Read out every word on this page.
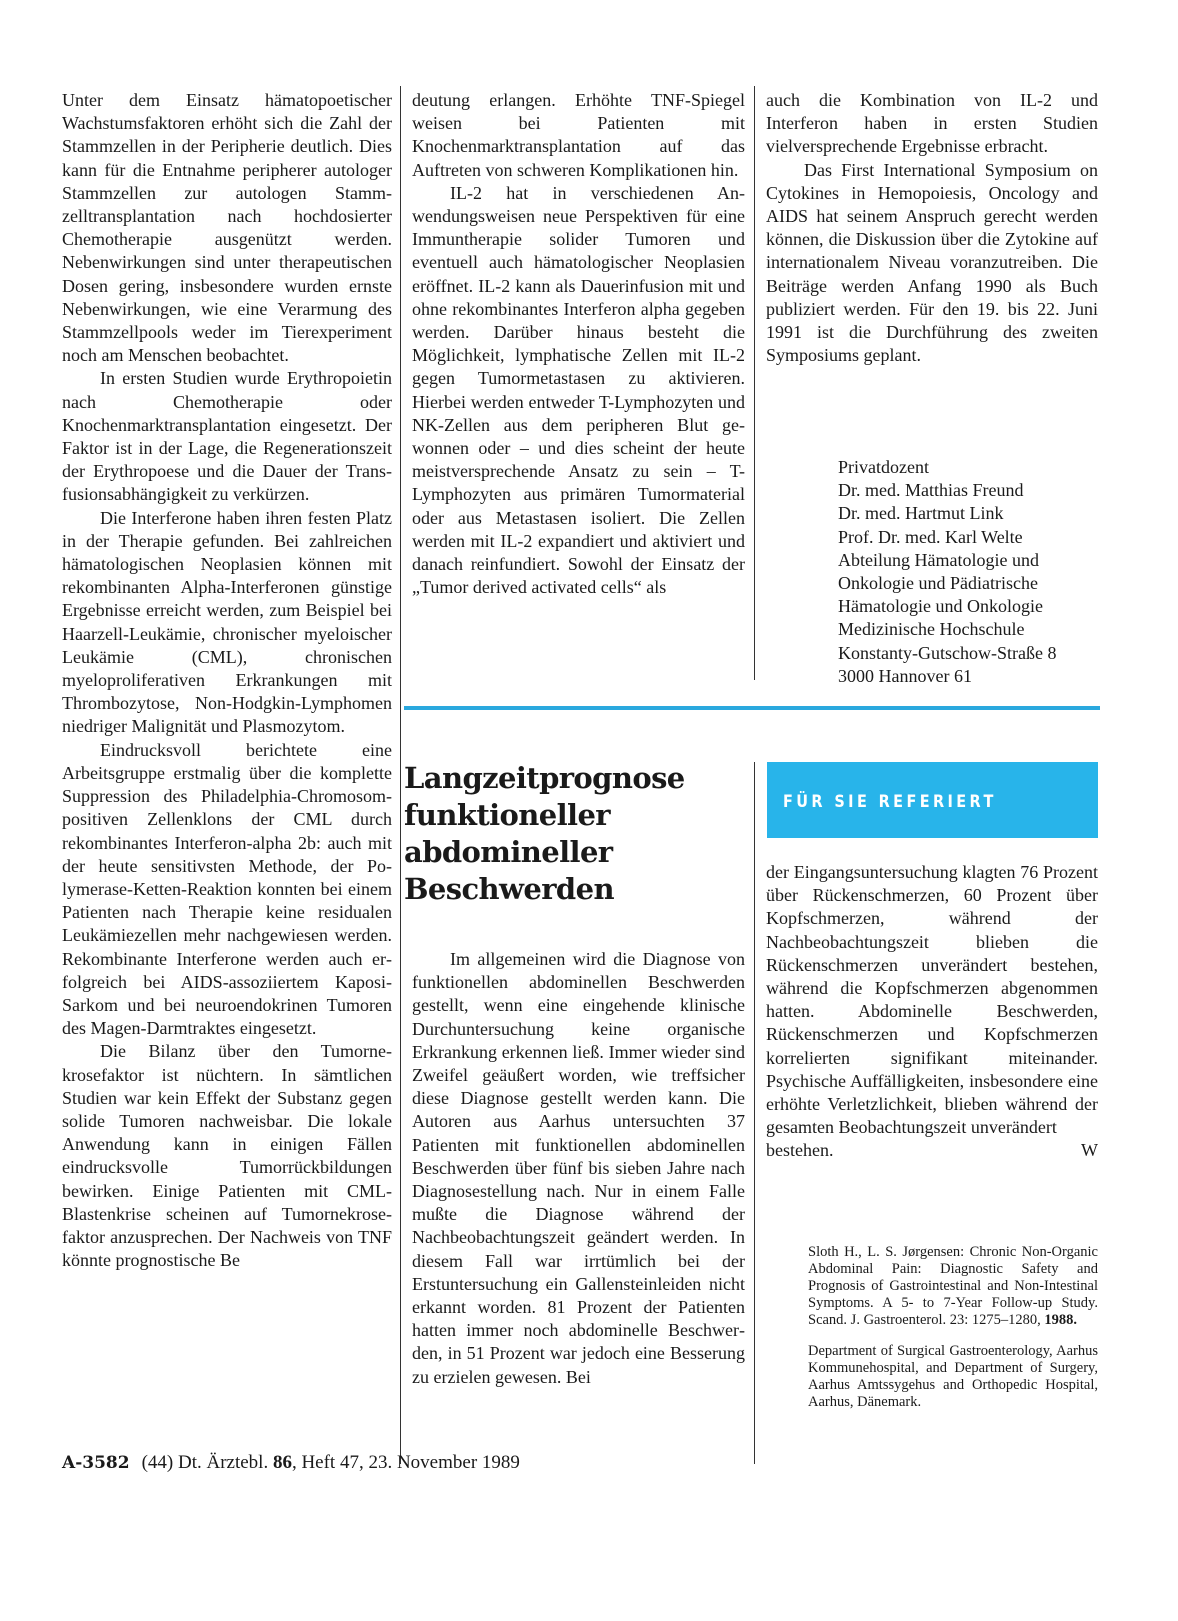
Unter dem Einsatz hämatopoetischer Wachstumsfaktoren erhöht sich die Zahl der Stammzellen in der Peripherie deutlich. Dies kann für die Entnahme peripherer autologer Stammzellen zur autologen Stammzelltransplantation nach hochdosierter Chemotherapie ausgenützt werden. Nebenwirkungen sind unter therapeutischen Dosen gering, insbesondere wurden ernste Nebenwirkungen, wie eine Verarmung des Stammzellpools weder im Tierexperiment noch am Menschen beobachtet.

In ersten Studien wurde Erythropoietin nach Chemotherapie oder Knochenmarktransplantation eingesetzt. Der Faktor ist in der Lage, die Regenerationszeit der Erythropoese und die Dauer der Transfusionsabhängigkeit zu verkürzen.

Die Interferone haben ihren festen Platz in der Therapie gefunden. Bei zahlreichen hämatologischen Neoplasien können mit rekombinanten Alpha-Interferonen günstige Ergebnisse erreicht werden, zum Beispiel bei Haarzell-Leukämie, chronischer myeloischer Leukämie (CML), chronischen myeloproliferativen Erkrankungen mit Thrombozytose, Non-Hodgkin-Lymphomen niedriger Malignität und Plasmozytom.

Eindrucksvoll berichtete eine Arbeitsgruppe erstmalig über die komplette Suppression des Philadelphia-Chromosom-positiven Zellenklons der CML durch rekombinantes Interferon-alpha 2b: auch mit der heute sensitivsten Methode, der Polymerase-Ketten-Reaktion konnten bei einem Patienten nach Therapie keine residualen Leukämiezellen mehr nachgewiesen werden. Rekombinante Interferone werden auch erfolgreich bei AIDS-assoziiertem Kaposi-Sarkom und bei neuroendokrinen Tumoren des Magen-Darmtraktes eingesetzt.

Die Bilanz über den Tumornekrosefaktor ist nüchtern. In sämtlichen Studien war kein Effekt der Substanz gegen solide Tumoren nachweisbar. Die lokale Anwendung kann in einigen Fällen eindrucksvolle Tumorrückbildungen bewirken. Einige Patienten mit CML-Blastenkrise scheinen auf Tumornekrosefaktor anzusprechen. Der Nachweis von TNF könnte prognostische Be

deutung erlangen. Erhöhte TNF-Spiegel weisen bei Patienten mit Knochenmarktransplantation auf das Auftreten von schweren Komplikationen hin.

IL-2 hat in verschiedenen Anwendungsweisen neue Perspektiven für eine Immuntherapie solider Tumoren und eventuell auch hämatologischer Neoplasien eröffnet. IL-2 kann als Dauerinfusion mit und ohne rekombinantes Interferon alpha gegeben werden. Darüber hinaus besteht die Möglichkeit, lymphatische Zellen mit IL-2 gegen Tumormetastasen zu aktivieren. Hierbei werden entweder T-Lymphozyten und NK-Zellen aus dem peripheren Blut gewonnen oder – und dies scheint der heute meistversprechende Ansatz zu sein – T-Lymphozyten aus primären Tumormaterial oder aus Metastasen isoliert. Die Zellen werden mit IL-2 expandiert und aktiviert und danach reinfundiert. Sowohl der Einsatz der „Tumor derived activated cells“ als

auch die Kombination von IL-2 und Interferon haben in ersten Studien vielversprechende Ergebnisse erbracht.

Das First International Symposium on Cytokines in Hemopoiesis, Oncology and AIDS hat seinem Anspruch gerecht werden können, die Diskussion über die Zytokine auf internationalem Niveau voranzutreiben. Die Beiträge werden Anfang 1990 als Buch publiziert werden. Für den 19. bis 22. Juni 1991 ist die Durchführung des zweiten Symposiums geplant.

Privatdozent
Dr. med. Matthias Freund
Dr. med. Hartmut Link
Prof. Dr. med. Karl Welte
Abteilung Hämatologie und
Onkologie und Pädiatrische
Hämatologie und Onkologie
Medizinische Hochschule
Konstanty-Gutschow-Straße 8
3000 Hannover 61
Langzeitprognose
funktioneller
abdomineller
Beschwerden
FÜR SIE REFERIERT

Im allgemeinen wird die Diagnose von funktionellen abdominellen Beschwerden gestellt, wenn eine eingehende klinische Durchuntersuchung keine organische Erkrankung erkennen ließ. Immer wieder sind Zweifel geäußert worden, wie treffsicher diese Diagnose gestellt werden kann. Die Autoren aus Aarhus untersuchten 37 Patienten mit funktionellen abdominellen Beschwerden über fünf bis sieben Jahre nach Diagnosestellung nach. Nur in einem Falle mußte die Diagnose während der Nachbeobachtungszeit geändert werden. In diesem Fall war irrtümlich bei der Erstuntersuchung ein Gallensteinleiden nicht erkannt worden. 81 Prozent der Patienten hatten immer noch abdominelle Beschwerden, in 51 Prozent war jedoch eine Besserung zu erzielen gewesen. Bei

der Eingangsuntersuchung klagten 76 Prozent über Rückenschmerzen, 60 Prozent über Kopfschmerzen, während der Nachbeobachtungszeit blieben die Rückenschmerzen unverändert bestehen, während die Kopfschmerzen abgenommen hatten. Abdominelle Beschwerden, Rückenschmerzen und Kopfschmerzen korrelierten signifikant miteinander. Psychische Auffälligkeiten, insbesondere eine erhöhte Verletzlichkeit, blieben während der gesamten Beobachtungszeit unverändert

bestehen.	W

Sloth H., L. S. Jørgensen: Chronic Non-Organic Abdominal Pain: Diagnostic Safety and Prognosis of Gastrointestinal and Non-Intestinal Symptoms. A 5- to 7-Year Follow-up Study. Scand. J. Gastroenterol. 23: 1275–1280, 1988.

Department of Surgical Gastroenterology, Aarhus Kommunehospital, and Department of Surgery, Aarhus Amtssygehus and Orthopedic Hospital, Aarhus, Dänemark.

A-3582 (44) Dt. Ärztebl. 86, Heft 47, 23. November 1989
